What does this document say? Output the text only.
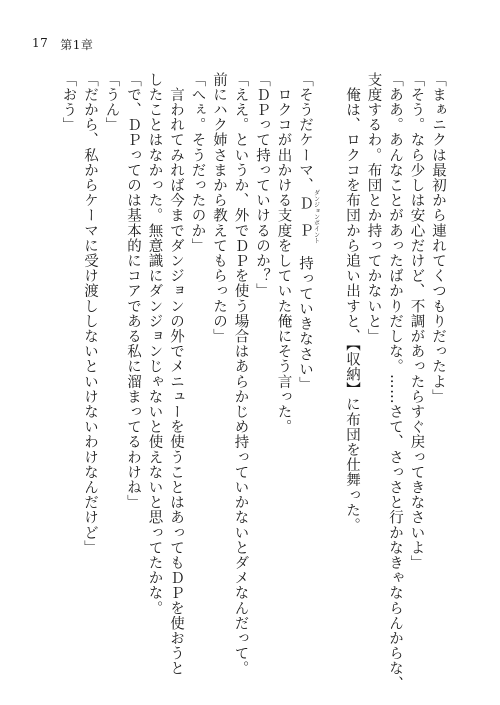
17 第1章
「まぁニクは最初から連れてくつもりだったよ」
「そう。なら少しは安心だけど、不調があったらすぐ戻ってきなさいよ」
「ああ。あんなことがあったばかりだしな。……さて、さっさと行かなきゃならんからな、
支度するわ。布団とか持ってかないと」
　俺は、ロクコを布団から追い出すと、【収納】に布団を仕舞った。
「そうだケーマ、ＤＰ ダンジョンポイント　持っていきなさい」
　ロクコが出かける支度をしていた俺にそう言った。
「ＤＰって持っていけるのか？」
「ええ。というか、外でＤＰを使う場合はあらかじめ持っていかないとダメなんだって。
前にハク姉さまから教えてもらったの」
「へぇ。そうだったのか」
　言われてみれば今までダンジョンの外でメニューを使うことはあってもＤＰを使おうと
したことはなかった。無意識にダンジョンじゃないと使えないと思ってたかな。
「で、ＤＰってのは基本的にコアである私に溜まってるわけね」
「うん」
「だから、私からケーマに受け渡ししないといけないわけなんだけど」
「おう」
